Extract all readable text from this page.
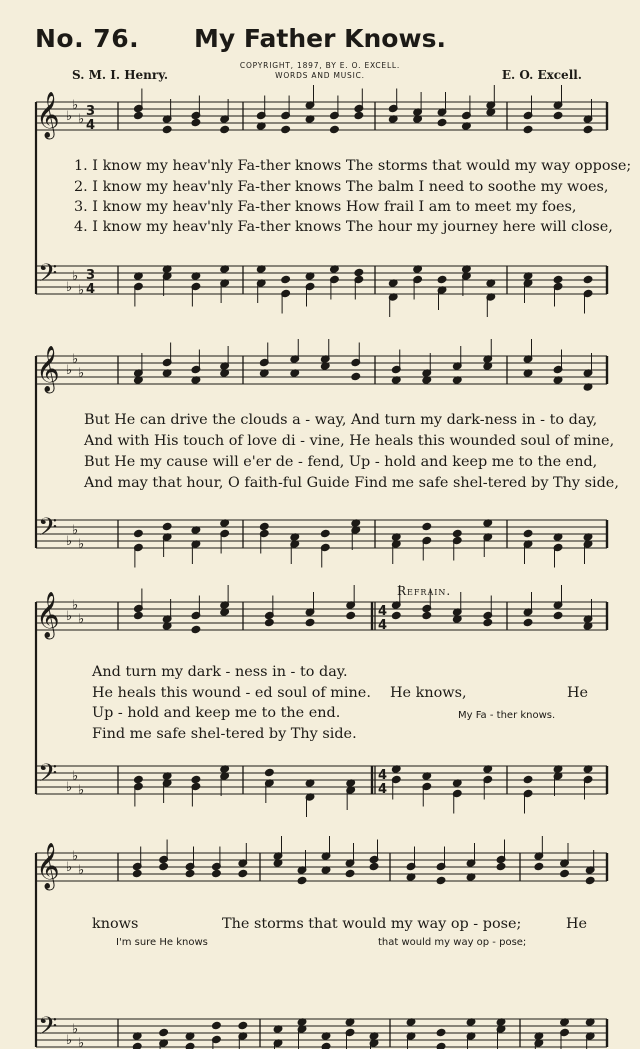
No. 76.	My Father Knows.
COPYRIGHT, 1897, BY E. O. EXCELL.
WORDS AND MUSIC.
S. M. I. Henry.	E. O. Excell.
𝄞
𝄢
♭
♭
♭
♭
♭
♭
3
4
3
4
𝄞
𝄢
♭
♭
♭
♭
♭
♭
𝄞
𝄢
♭
♭
♭
♭
♭
♭
4
4
4
4
𝄞
𝄢
♭
♭
♭
♭
♭
♭
1. I know my heav'nly Fa-ther knows The storms that would my way oppose;
2. I know my heav'nly Fa-ther knows The balm I need to soothe my woes,
3. I know my heav'nly Fa-ther knows How frail I am to meet my foes,
4. I know my heav'nly Fa-ther knows The hour my journey here will close,
But He can drive the clouds a - way, And turn my dark-ness in - to day,
And with His touch of love di - vine, He heals this wounded soul of mine,
But He my cause will e'er de - fend, Up - hold and keep me to the end,
And may that hour, O faith-ful Guide Find me safe shel-tered by Thy side,
Refrain.
And turn my dark - ness in - to day.
He heals this wound - ed soul of mine.
Up - hold and keep me to the end.
Find me safe shel-tered by Thy side.
He knows,	He
My Fa - ther knows.
knows	The storms that would my way op - pose;	He
I'm sure He knows	that would my way op - pose;
